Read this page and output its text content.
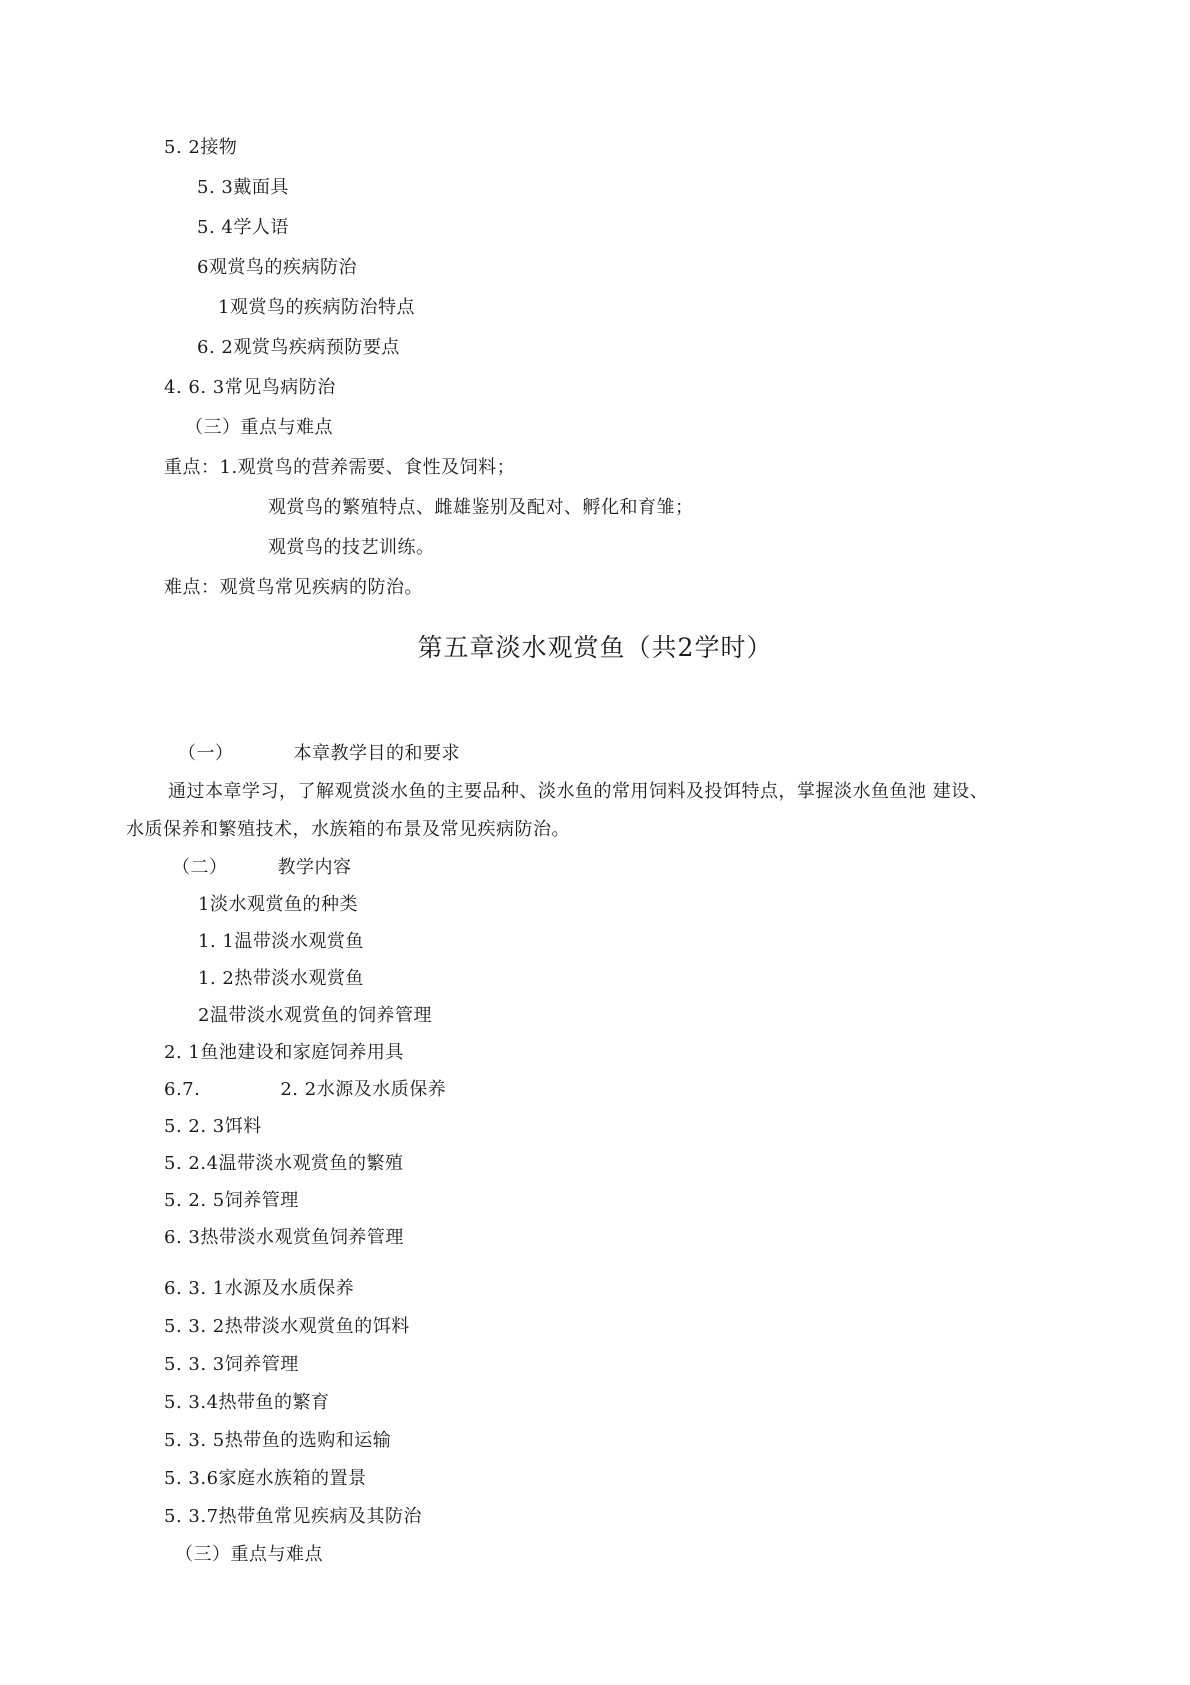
5. 2接物
5. 3戴面具
5. 4学人语
6观赏鸟的疾病防治
1观赏鸟的疾病防治特点
6. 2观赏鸟疾病预防要点
4. 6. 3常见鸟病防治
（三）重点与难点
重点：1.观赏鸟的营养需要、食性及饲料；
观赏鸟的繁殖特点、雌雄鉴别及配对、孵化和育雏；
观赏鸟的技艺训练。
难点：观赏鸟常见疾病的防治。
第五章淡水观赏鱼（共2学时）
（一）	本章教学目的和要求
通过本章学习，了解观赏淡水鱼的主要品种、淡水鱼的常用饲料及投饵特点，掌握淡水鱼鱼池 建设、
水质保养和繁殖技术，水族箱的布景及常见疾病防治。
（二）	教学内容
1淡水观赏鱼的种类
1. 1温带淡水观赏鱼
1. 2热带淡水观赏鱼
2温带淡水观赏鱼的饲养管理
2. 1鱼池建设和家庭饲养用具
6.7.	2. 2水源及水质保养
5. 2. 3饵料
5. 2.4温带淡水观赏鱼的繁殖
5. 2. 5饲养管理
6. 3热带淡水观赏鱼饲养管理
6. 3. 1水源及水质保养
5. 3. 2热带淡水观赏鱼的饵料
5. 3. 3饲养管理
5. 3.4热带鱼的繁育
5. 3. 5热带鱼的选购和运输
5. 3.6家庭水族箱的置景
5. 3.7热带鱼常见疾病及其防治
（三）重点与难点
